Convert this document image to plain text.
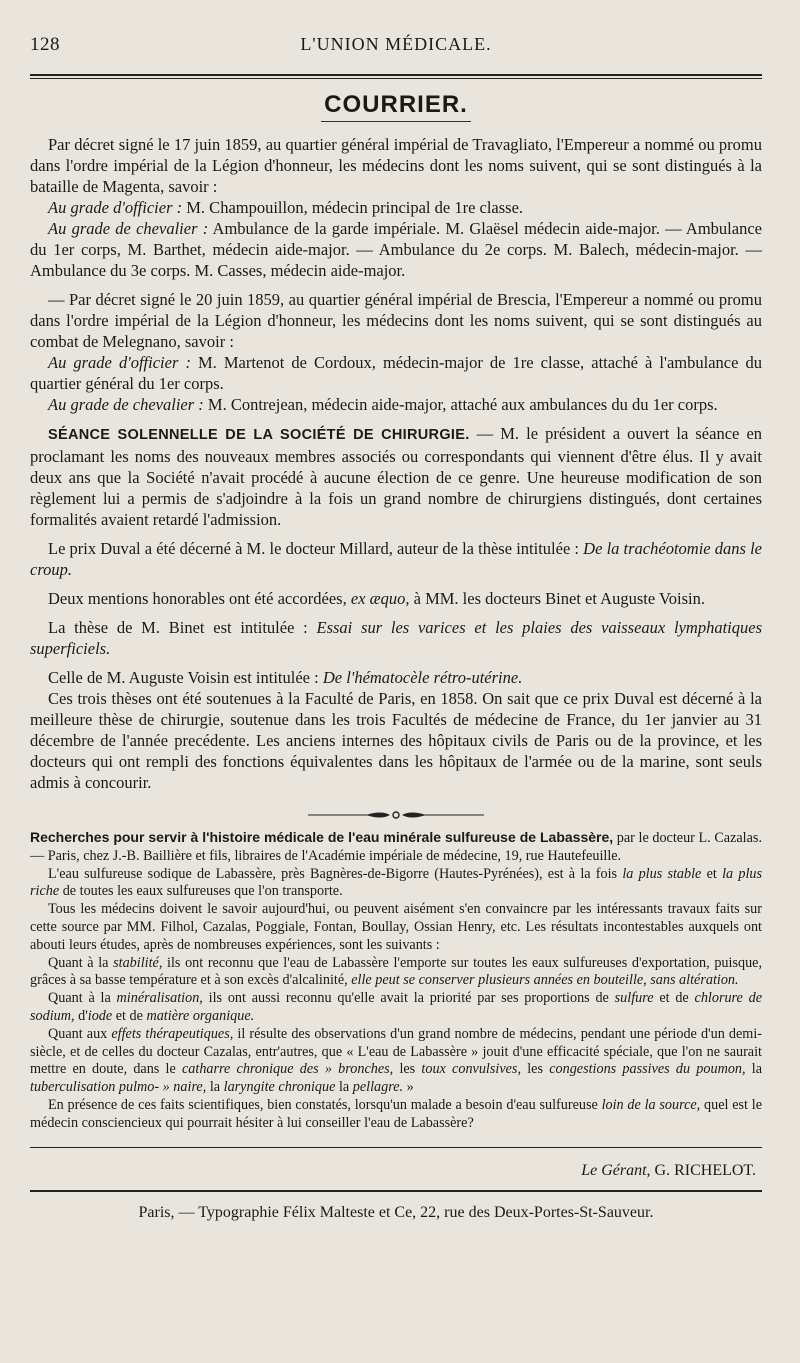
128	L'UNION MÉDICALE.
COURRIER.

Par décret signé le 17 juin 1859, au quartier général impérial de Travagliato, l'Empereur a nommé ou promu dans l'ordre impérial de la Légion d'honneur, les médecins dont les noms suivent, qui se sont distingués à la bataille de Magenta, savoir :

Au grade d'officier : M. Champouillon, médecin principal de 1re classe.

Au grade de chevalier : Ambulance de la garde impériale. M. Glaësel médecin aide-major. — Ambulance du 1er corps, M. Barthet, médecin aide-major. — Ambulance du 2e corps. M. Balech, médecin-major. — Ambulance du 3e corps. M. Casses, médecin aide-major.

— Par décret signé le 20 juin 1859, au quartier général impérial de Brescia, l'Empereur a nommé ou promu dans l'ordre impérial de la Légion d'honneur, les médecins dont les noms suivent, qui se sont distingués au combat de Melegnano, savoir :

Au grade d'officier : M. Martenot de Cordoux, médecin-major de 1re classe, attaché à l'ambulance du quartier général du 1er corps.

Au grade de chevalier : M. Contrejean, médecin aide-major, attaché aux ambulances du du 1er corps.

SÉANCE SOLENNELLE DE LA SOCIÉTÉ DE CHIRURGIE. — M. le président a ouvert la séance en proclamant les noms des nouveaux membres associés ou correspondants qui viennent d'être élus. Il y avait deux ans que la Société n'avait procédé à aucune élection de ce genre. Une heureuse modification de son règlement lui a permis de s'adjoindre à la fois un grand nombre de chirurgiens distingués, dont certaines formalités avaient retardé l'admission.

Le prix Duval a été décerné à M. le docteur Millard, auteur de la thèse intitulée : De la trachéotomie dans le croup.

Deux mentions honorables ont été accordées, ex æquo, à MM. les docteurs Binet et Auguste Voisin.

La thèse de M. Binet est intitulée : Essai sur les varices et les plaies des vaisseaux lymphatiques superficiels.

Celle de M. Auguste Voisin est intitulée : De l'hématocèle rétro-utérine.

Ces trois thèses ont été soutenues à la Faculté de Paris, en 1858. On sait que ce prix Duval est décerné à la meilleure thèse de chirurgie, soutenue dans les trois Facultés de médecine de France, du 1er janvier au 31 décembre de l'année precédente. Les anciens internes des hôpitaux civils de Paris ou de la province, et les docteurs qui ont rempli des fonctions équivalentes dans les hôpitaux de l'armée ou de la marine, sont seuls admis à concourir.

Recherches pour servir à l'histoire médicale de l'eau minérale sulfureuse de Labassère, par le docteur L. Cazalas. — Paris, chez J.-B. Baillière et fils, libraires de l'Académie impériale de médecine, 19, rue Hautefeuille.

L'eau sulfureuse sodique de Labassère, près Bagnères-de-Bigorre (Hautes-Pyrénées), est à la fois la plus stable et la plus riche de toutes les eaux sulfureuses que l'on transporte.

Tous les médecins doivent le savoir aujourd'hui, ou peuvent aisément s'en convaincre par les intéressants travaux faits sur cette source par MM. Filhol, Cazalas, Poggiale, Fontan, Boullay, Ossian Henry, etc. Les résultats incontestables auxquels ont abouti leurs études, après de nombreuses expériences, sont les suivants :

Quant à la stabilité, ils ont reconnu que l'eau de Labassère l'emporte sur toutes les eaux sulfureuses d'exportation, puisque, grâces à sa basse température et à son excès d'alcalinité, elle peut se conserver plusieurs années en bouteille, sans altération.

Quant à la minéralisation, ils ont aussi reconnu qu'elle avait la priorité par ses proportions de sulfure et de chlorure de sodium, d'iode et de matière organique.

Quant aux effets thérapeutiques, il résulte des observations d'un grand nombre de médecins, pendant une période d'un demi-siècle, et de celles du docteur Cazalas, entr'autres, que « L'eau de Labassère » jouit d'une efficacité spéciale, que l'on ne saurait mettre en doute, dans le catharre chronique des » bronches, les toux convulsives, les congestions passives du poumon, la tuberculisation pulmo- » naire, la laryngite chronique la pellagre. »

En présence de ces faits scientifiques, bien constatés, lorsqu'un malade a besoin d'eau sulfureuse loin de la source, quel est le médecin consciencieux qui pourrait hésiter à lui conseiller l'eau de Labassère?

Le Gérant, G. RICHELOT.
Paris, — Typographie Félix Malteste et Ce, 22, rue des Deux-Portes-St-Sauveur.
